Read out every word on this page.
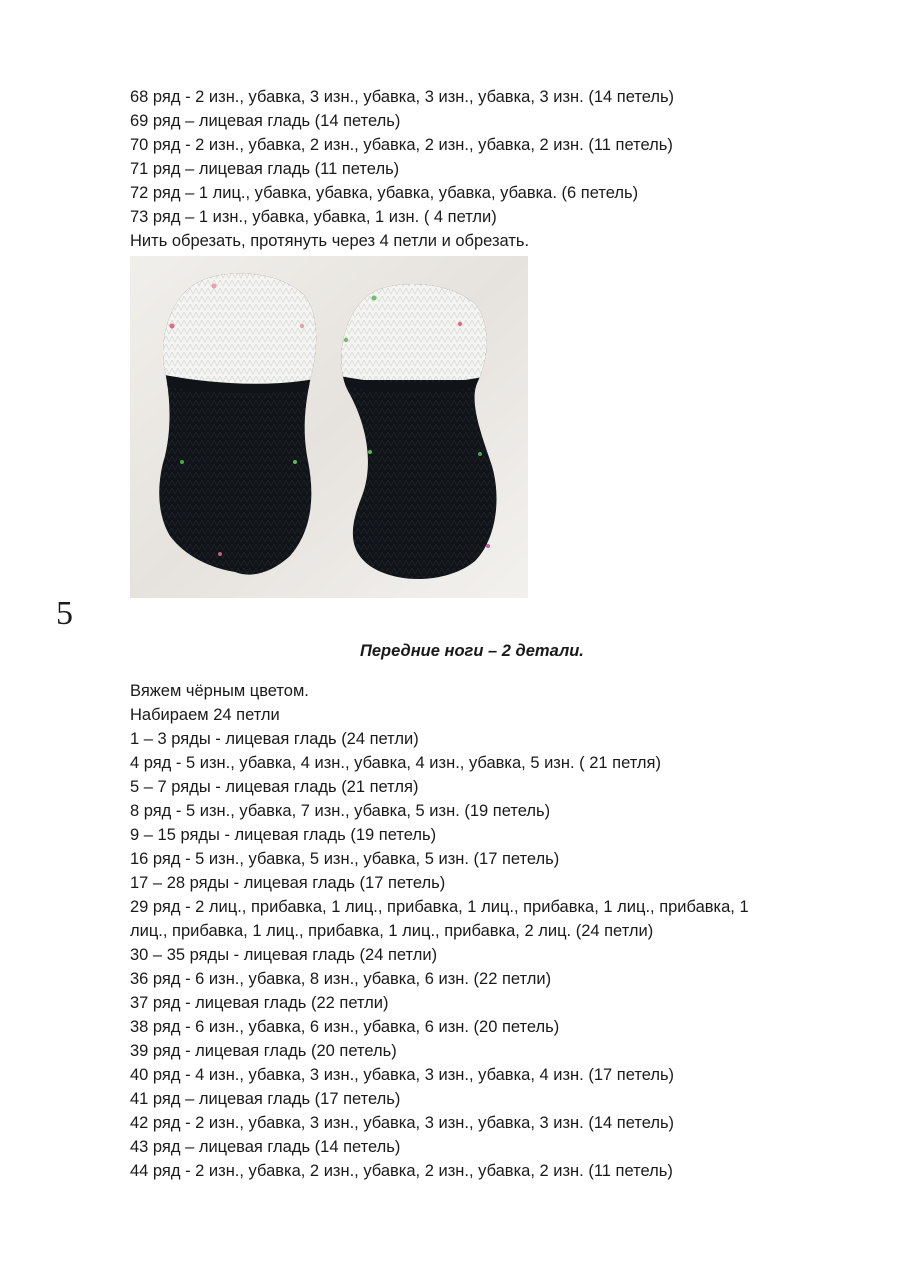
68 ряд - 2 изн., убавка, 3 изн., убавка, 3 изн., убавка, 3 изн. (14 петель)
69 ряд – лицевая гладь (14 петель)
70 ряд - 2 изн., убавка, 2 изн., убавка, 2 изн., убавка, 2 изн. (11 петель)
71 ряд – лицевая гладь (11 петель)
72 ряд – 1 лиц., убавка, убавка, убавка, убавка, убавка. (6 петель)
73 ряд – 1 изн., убавка, убавка, 1 изн. ( 4 петли)
Нить обрезать, протянуть через 4 петли и обрезать.
5
Передние ноги – 2 детали.
Вяжем чёрным цветом.
Набираем 24 петли
1 – 3 ряды - лицевая гладь (24 петли)
4 ряд - 5 изн., убавка, 4 изн., убавка, 4 изн., убавка, 5 изн. ( 21 петля)
5 – 7 ряды - лицевая гладь (21 петля)
8 ряд - 5 изн., убавка, 7 изн., убавка, 5 изн. (19 петель)
9 – 15 ряды - лицевая гладь (19 петель)
16 ряд - 5 изн., убавка, 5 изн., убавка, 5 изн. (17 петель)
17 – 28 ряды - лицевая гладь (17 петель)
29 ряд - 2 лиц., прибавка, 1 лиц., прибавка, 1 лиц., прибавка, 1 лиц., прибавка, 1
лиц., прибавка, 1 лиц., прибавка, 1 лиц., прибавка, 2 лиц. (24 петли)
30 – 35 ряды - лицевая гладь (24 петли)
36 ряд - 6 изн., убавка, 8 изн., убавка, 6 изн. (22 петли)
37 ряд - лицевая гладь (22 петли)
38 ряд - 6 изн., убавка, 6 изн., убавка, 6 изн. (20 петель)
39 ряд - лицевая гладь (20 петель)
40 ряд - 4 изн., убавка, 3 изн., убавка, 3 изн., убавка, 4 изн. (17 петель)
41 ряд – лицевая гладь (17 петель)
42 ряд - 2 изн., убавка, 3 изн., убавка, 3 изн., убавка, 3 изн. (14 петель)
43 ряд – лицевая гладь (14 петель)
44 ряд - 2 изн., убавка, 2 изн., убавка, 2 изн., убавка, 2 изн. (11 петель)
